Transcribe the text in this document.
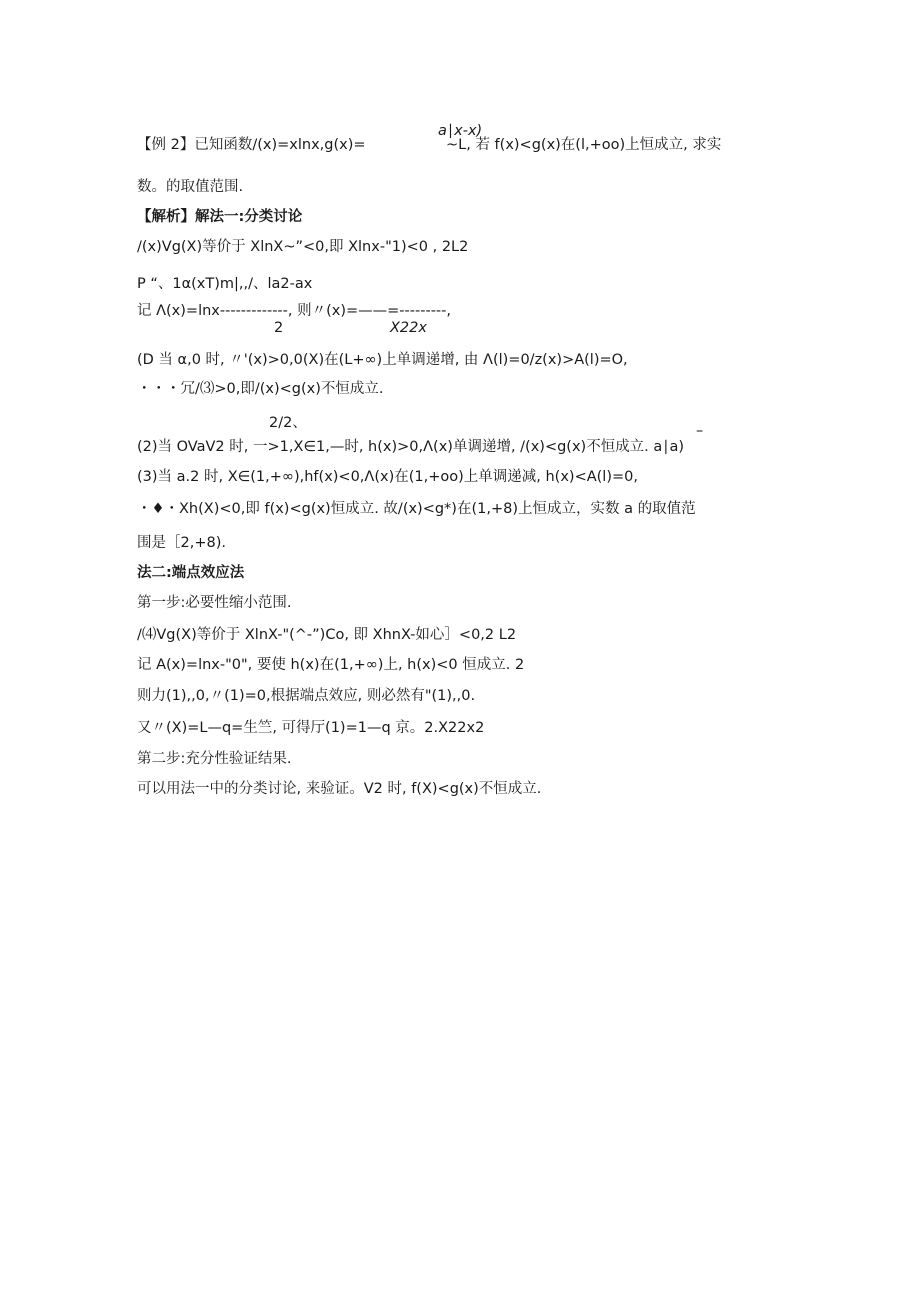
a∣x-x)
【例 2】已知函数/(x)=xlnx,g(x)=	~L, 若 f(x)<g(x)在(l,+oo)上恒成立, 求实
数。的取值范围.
【解析】解法一:分类讨论
/(x)Vg(X)等价于 XlnX~”<0,即 Xlnx-"1)<0 , 2L2
P “、1α(xT)m|,,/、la2-ax
记 Λ(x)=lnx-------------, 则〃(x)=——=---------,
2	X22x
(D 当 α,0 时, 〃'(x)>0,0(X)在(L+∞)上单调递增, 由 Λ(l)=0∕z(x)>A(l)=O,
・・・冗/⑶>0,即/(x)<g(x)不恒成立.
2/2、
(2)当 OVaV2 时, 一>1,X∈1,—时, h(x)>0,Λ(x)单调递增, /(x)<g(x)不恒成立. a∣a)
–
(3)当 a.2 时, X∈(1,+∞),hf(x)<0,Λ(x)在(1,+oo)上单调递减, h(x)<A(l)=0,
・♦・Xh(X)<0,即 f(x)<g(x)恒成立. 故/(x)<g*)在(1,+8)上恒成立，实数 a 的取值范
围是［2,+8).
法二:端点效应法
第一步:必要性缩小范围.
/⑷Vg(X)等价于 XlnX-"(^-”)Co, 即 XhnX-如心］<0,2 L2
记 A(x)=lnx-"0", 要使 h(x)在(1,+∞)上, h(x)<0 恒成立. 2
则力(1),,0,〃(1)=0,根据端点效应, 则必然有"(1),,0.
又〃(X)=L—q=生竺, 可得厅(1)=1—q 京。2.X22x2
第二步:充分性验证结果.
可以用法一中的分类讨论, 来验证。V2 时, f(X)<g(x)不恒成立.
